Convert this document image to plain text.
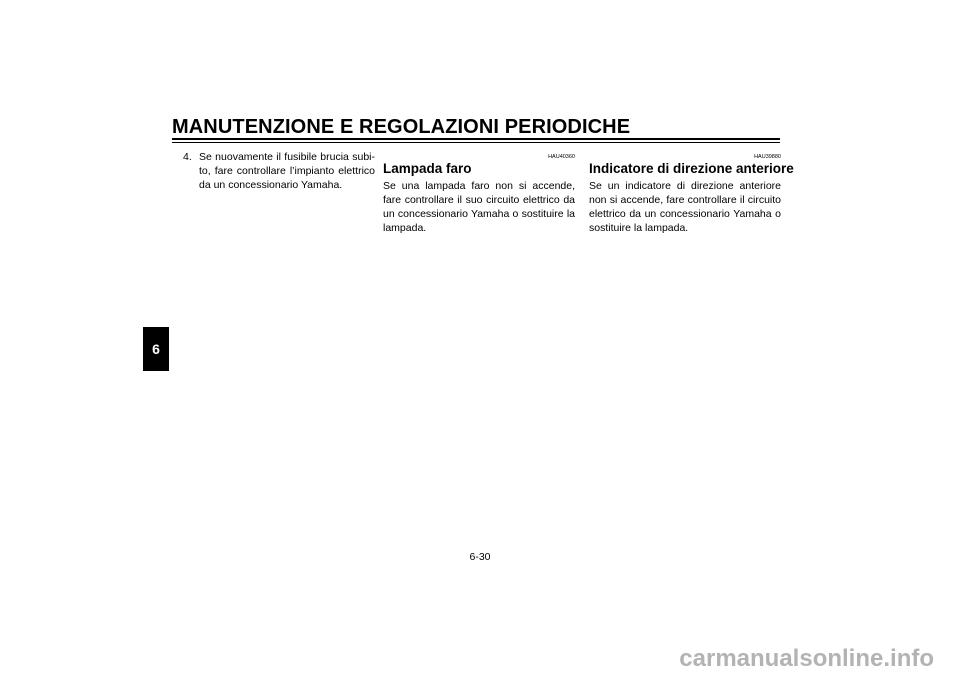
MANUTENZIONE E REGOLAZIONI PERIODICHE
6
4. Se nuovamente il fusibile brucia subito, fare controllare l’impianto elettrico da un concessionario Yamaha.
HAU40360
Lampada faro
Se una lampada faro non si accende, fare controllare il suo circuito elettrico da un concessionario Yamaha o sostituire la lampada.
HAU39880
Indicatore di direzione anteriore
Se un indicatore di direzione anteriore non si accende, fare controllare il circuito elettrico da un concessionario Yamaha o sostituire la lampada.
6-30
carmanualsonline.info
